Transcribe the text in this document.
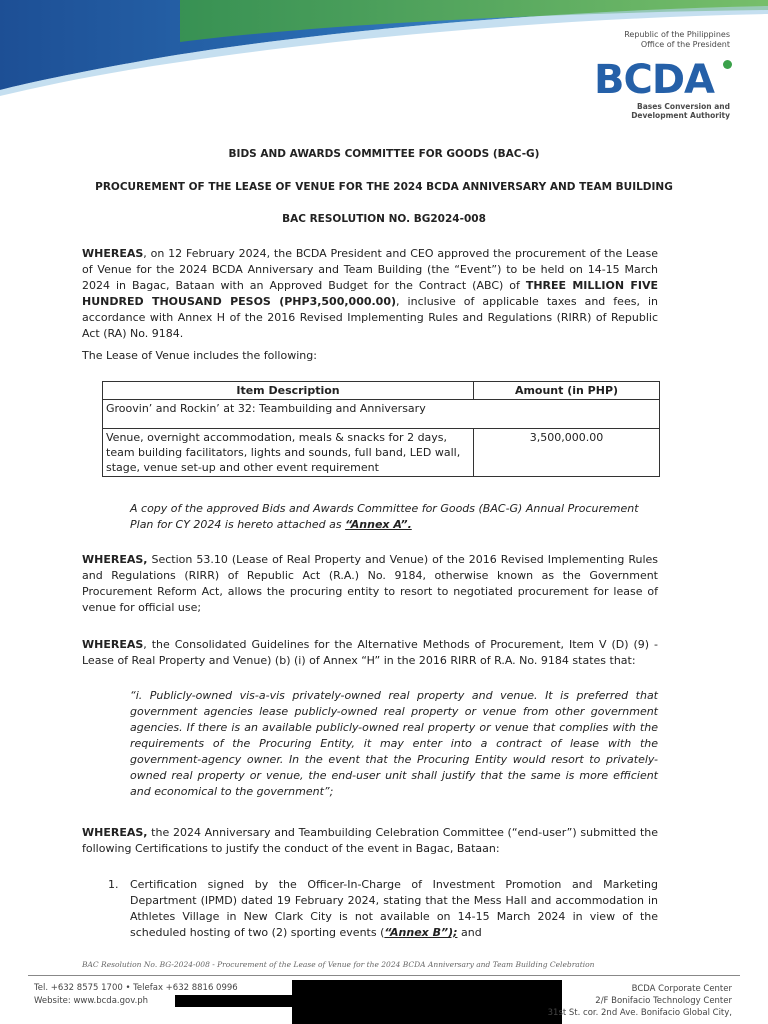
Republic of the Philippines
Office of the President
BCDA
Bases Conversion and
Development Authority
BIDS AND AWARDS COMMITTEE FOR GOODS (BAC-G)
PROCUREMENT OF THE LEASE OF VENUE FOR THE 2024 BCDA ANNIVERSARY AND TEAM BUILDING
BAC RESOLUTION NO. BG2024-008
WHEREAS, on 12 February 2024, the BCDA President and CEO approved the procurement of the Lease of Venue for the 2024 BCDA Anniversary and Team Building (the “Event”) to be held on 14-15 March 2024 in Bagac, Bataan with an Approved Budget for the Contract (ABC) of THREE MILLION FIVE HUNDRED THOUSAND PESOS (PHP3,500,000.00), inclusive of applicable taxes and fees, in accordance with Annex H of the 2016 Revised Implementing Rules and Regulations (RIRR) of Republic Act (RA) No. 9184.
The Lease of Venue includes the following:
Item Description	Amount (in PHP)
Groovin’ and Rockin’ at 32: Teambuilding and Anniversary	
Venue, overnight accommodation, meals & snacks for 2 days, team building facilitators, lights and sounds, full band, LED wall, stage, venue set-up and other event requirement	3,500,000.00
A copy of the approved Bids and Awards Committee for Goods (BAC-G) Annual Procurement Plan for CY 2024 is hereto attached as “Annex A”.
WHEREAS, Section 53.10 (Lease of Real Property and Venue) of the 2016 Revised Implementing Rules and Regulations (RIRR) of Republic Act (R.A.) No. 9184, otherwise known as the Government Procurement Reform Act, allows the procuring entity to resort to negotiated procurement for lease of venue for official use;
WHEREAS, the Consolidated Guidelines for the Alternative Methods of Procurement, Item V (D) (9) - Lease of Real Property and Venue) (b) (i) of Annex “H” in the 2016 RIRR of R.A. No. 9184 states that:
“i. Publicly-owned vis-a-vis privately-owned real property and venue. It is preferred that government agencies lease publicly-owned real property or venue from other government agencies. If there is an available publicly-owned real property or venue that complies with the requirements of the Procuring Entity, it may enter into a contract of lease with the government-agency owner. In the event that the Procuring Entity would resort to privately-owned real property or venue, the end-user unit shall justify that the same is more efficient and economical to the government”;
WHEREAS, the 2024 Anniversary and Teambuilding Celebration Committee (“end-user”) submitted the following Certifications to justify the conduct of the event in Bagac, Bataan:
1. Certification signed by the Officer-In-Charge of Investment Promotion and Marketing Department (IPMD) dated 19 February 2024, stating that the Mess Hall and accommodation in Athletes Village in New Clark City is not available on 14-15 March 2024 in view of the scheduled hosting of two (2) sporting events (“Annex B”); and
BAC Resolution No. BG-2024-008 - Procurement of the Lease of Venue for the 2024 BCDA Anniversary and Team Building Celebration
Tel. +632 8575 1700 • Telefax +632 8816 0996
Website: www.bcda.gov.ph
BCDA Corporate Center
2/F Bonifacio Technology Center
31st St. cor. 2nd Ave. Bonifacio Global City,
